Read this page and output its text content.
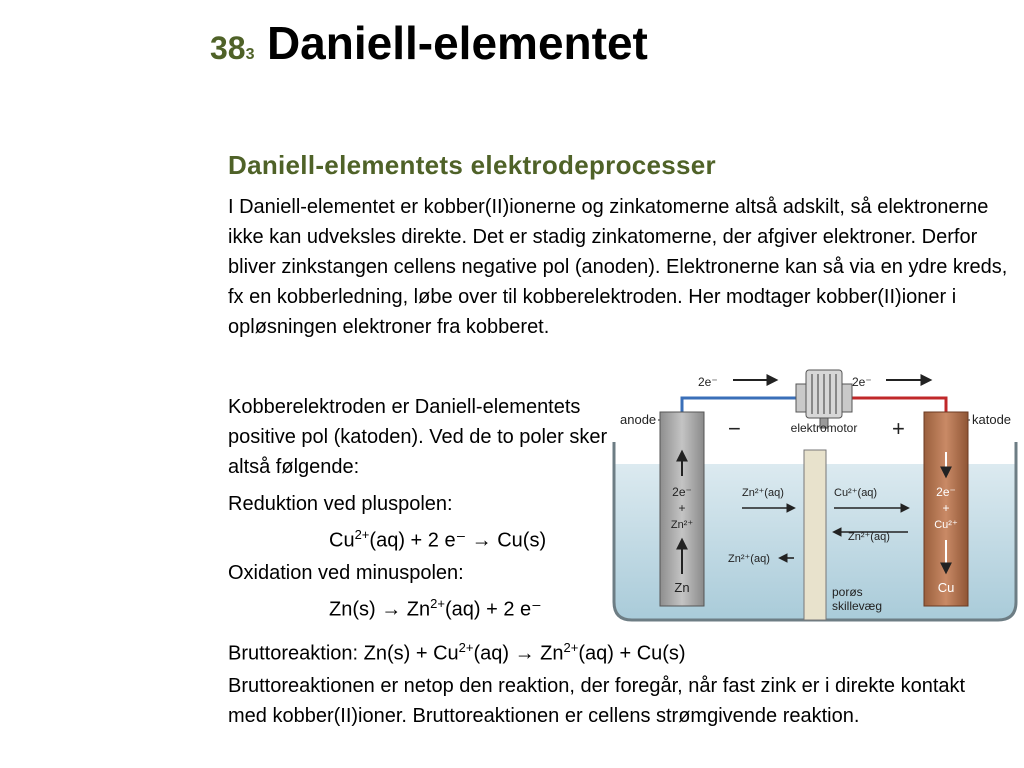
383 Daniell-elementet
Daniell-elementets elektrodeprocesser

I Daniell-elementet er kobber(II)ionerne og zinkatomerne altså adskilt, så elektronerne ikke kan udveksles direkte. Det er stadig zinkatomerne, der afgiver elektroner. Derfor bliver zinkstangen cellens negative pol (anoden). Elektronerne kan så via en ydre kreds, fx en kobberledning, løbe over til kobberelektroden. Her modtager kobber(II)ioner i opløsningen elektroner fra kobberet.

Kobberelektroden er Daniell-elementets positive pol (katoden). Ved de to poler sker altså følgende:

Reduktion ved pluspolen:
$Cu^{2+}(aq) + 2$ e⁻ → Cu(s)
Oxidation ved minuspolen:
$Zn(s) \to Zn^{2+}(aq) + 2$ e⁻
Bruttoreaktion: $Zn(s) + Cu^{2+}(aq) \to Zn^{2+}(aq) + Cu(s)$

Bruttoreaktionen er netop den reaktion, der foregår, når fast zink er i direkte kontakt med kobber(II)ioner. Bruttoreaktionen er cellens strømgivende reaktion.

elektromotor
2e⁻	2e⁻
anode	katode
−	+
2e⁻
+
Zn²⁺
Zn
2e⁻
+
Cu²⁺
Cu
porøs
skillevæg
Zn²⁺(aq)	Cu²⁺(aq)
Zn²⁺(aq)
Zn²⁺(aq)
